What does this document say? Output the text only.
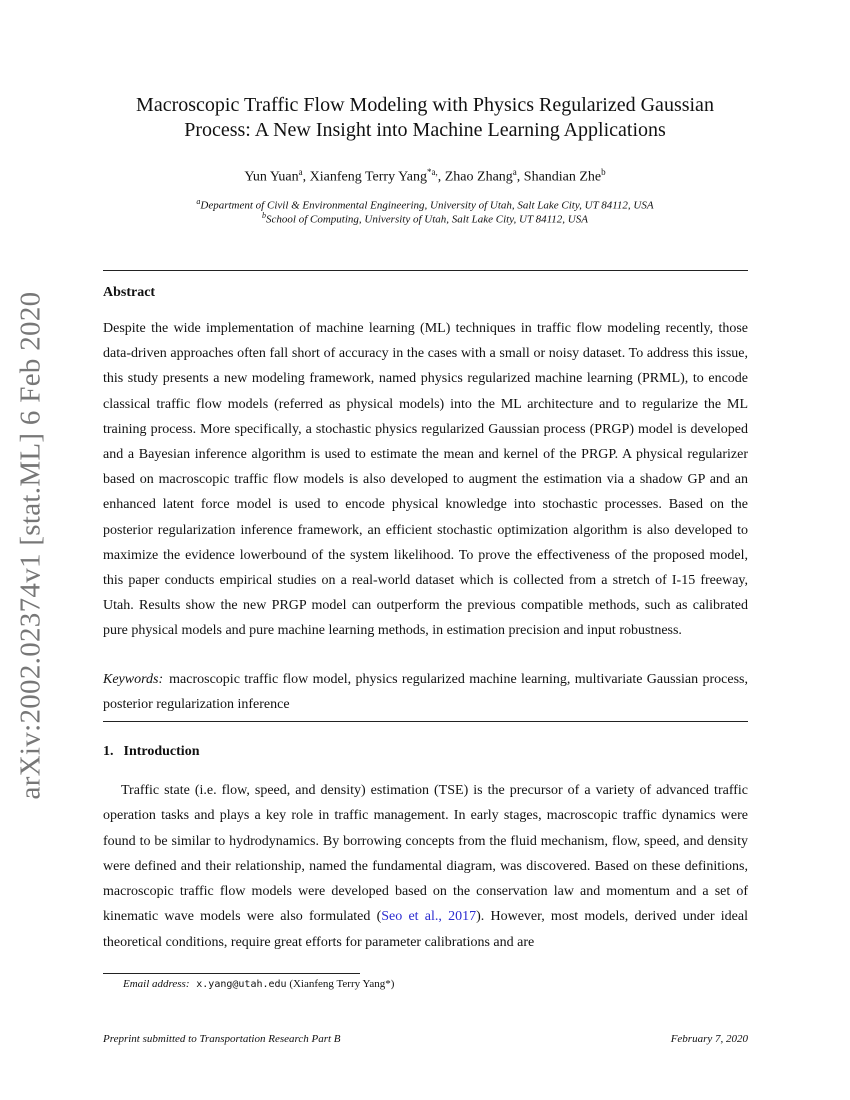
arXiv:2002.02374v1 [stat.ML] 6 Feb 2020
Macroscopic Traffic Flow Modeling with Physics Regularized Gaussian
Process: A New Insight into Machine Learning Applications
Yun Yuan$^a$, Xianfeng Terry Yang$^{*a,}$, Zhao Zhang$^a$, Shandian Zhe$^b$
$^a$Department of Civil & Environmental Engineering, University of Utah, Salt Lake City, UT 84112, USA
$^b$School of Computing, University of Utah, Salt Lake City, UT 84112, USA
Abstract
Despite the wide implementation of machine learning (ML) techniques in traffic flow modeling recently, those data-driven approaches often fall short of accuracy in the cases with a small or noisy dataset. To address this issue, this study presents a new modeling framework, named physics regularized machine learning (PRML), to encode classical traffic flow models (referred as physical models) into the ML architecture and to regularize the ML training process. More specifically, a stochastic physics regularized Gaussian process (PRGP) model is developed and a Bayesian inference algorithm is used to estimate the mean and kernel of the PRGP. A physical regularizer based on macroscopic traffic flow models is also developed to augment the estimation via a shadow GP and an enhanced latent force model is used to encode physical knowledge into stochastic processes. Based on the posterior regularization inference framework, an efficient stochastic optimization algorithm is also developed to maximize the evidence lowerbound of the system likelihood. To prove the effectiveness of the proposed model, this paper conducts empirical studies on a real-world dataset which is collected from a stretch of I-15 freeway, Utah. Results show the new PRGP model can outperform the previous compatible methods, such as calibrated pure physical models and pure machine learning methods, in estimation precision and input robustness.
Keywords: macroscopic traffic flow model, physics regularized machine learning, multivariate Gaussian process, posterior regularization inference
1. Introduction
Traffic state (i.e. flow, speed, and density) estimation (TSE) is the precursor of a variety of advanced traffic operation tasks and plays a key role in traffic management. In early stages, macroscopic traffic dynamics were found to be similar to hydrodynamics. By borrowing concepts from the fluid mechanism, flow, speed, and density were defined and their relationship, named the fundamental diagram, was discovered. Based on these definitions, macroscopic traffic flow models were developed based on the conservation law and momentum and a set of kinematic wave models were also formulated (Seo et al., 2017). However, most models, derived under ideal theoretical conditions, require great efforts for parameter calibrations and are
Email address: x.yang@utah.edu (Xianfeng Terry Yang*)
Preprint submitted to Transportation Research Part B	February 7, 2020
